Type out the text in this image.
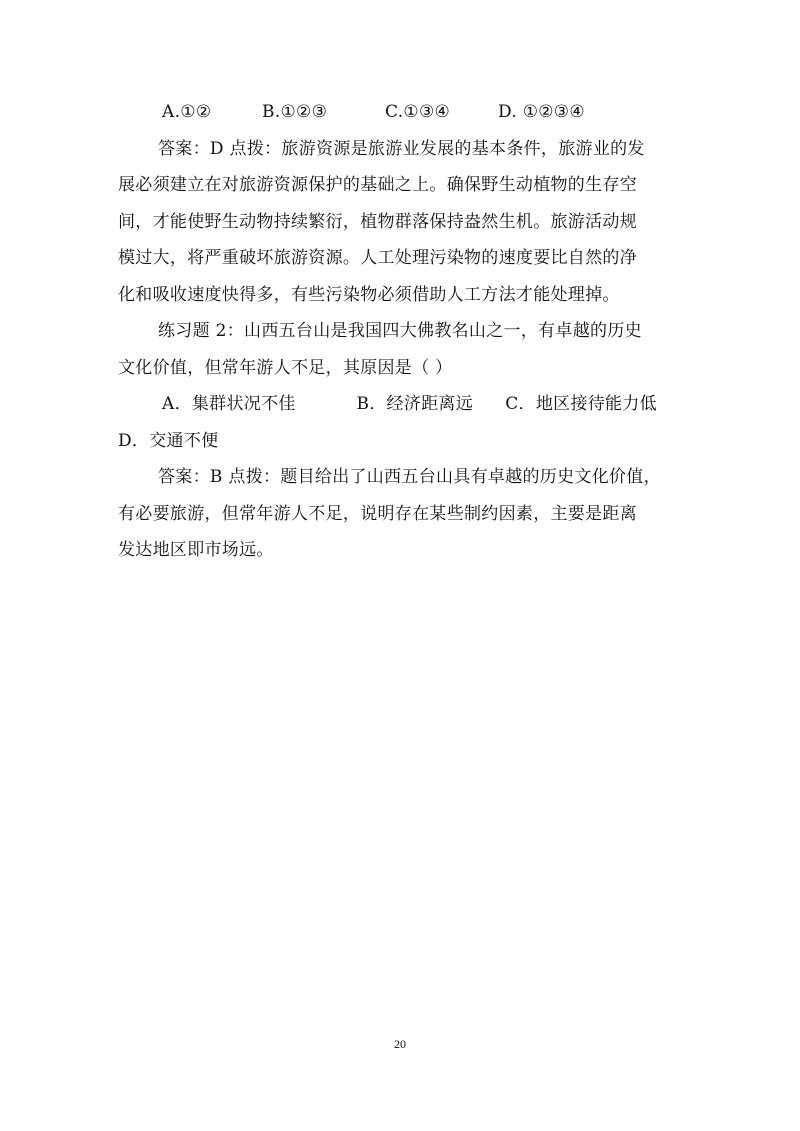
A.①②	B.①②③	C.①③④	D. ①②③④
答案：D 点拨：旅游资源是旅游业发展的基本条件，旅游业的发
展必须建立在对旅游资源保护的基础之上。确保野生动植物的生存空
间，才能使野生动物持续繁衍，植物群落保持盎然生机。旅游活动规
模过大，将严重破坏旅游资源。人工处理污染物的速度要比自然的净
化和吸收速度快得多，有些污染物必须借助人工方法才能处理掉。
练习题 2：山西五台山是我国四大佛教名山之一，有卓越的历史
文化价值，但常年游人不足，其原因是（ ）
A．集群状况不佳	B．经济距离远	C．地区接待能力低
D．交通不便
答案：B 点拨：题目给出了山西五台山具有卓越的历史文化价值，
有必要旅游，但常年游人不足，说明存在某些制约因素，主要是距离
发达地区即市场远。
20
